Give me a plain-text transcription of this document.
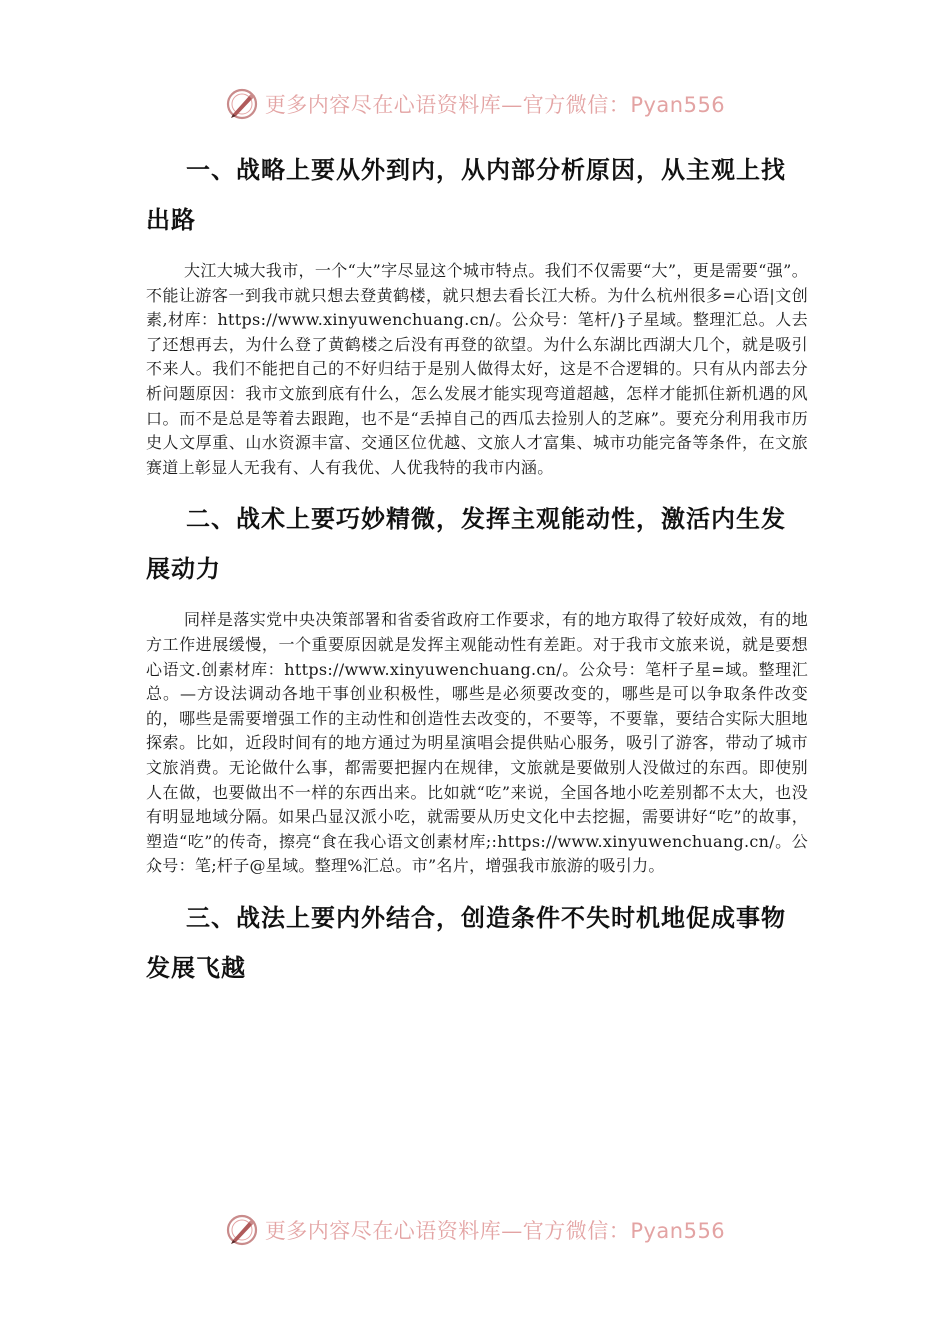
更多内容尽在心语资料库—官方微信：Pyan556
一、战略上要从外到内，从内部分析原因，从主观上找出路

大江大城大我市，一个“大”字尽显这个城市特点。我们不仅需要“大”，更是需要“强”。不能让游客一到我市就只想去登黄鹤楼，就只想去看长江大桥。为什么杭州很多=心语|文创素,材库：https://www.xinyuwenchuang.cn/。公众号：笔杆/}子星域。整理汇总。人去了还想再去，为什么登了黄鹤楼之后没有再登的欲望。为什么东湖比西湖大几个，就是吸引不来人。我们不能把自己的不好归结于是别人做得太好，这是不合逻辑的。只有从内部去分析问题原因：我市文旅到底有什么，怎么发展才能实现弯道超越，怎样才能抓住新机遇的风口。而不是总是等着去跟跑，也不是“丢掉自己的西瓜去捡别人的芝麻”。要充分利用我市历史人文厚重、山水资源丰富、交通区位优越、文旅人才富集、城市功能完备等条件，在文旅赛道上彰显人无我有、人有我优、人优我特的我市内涵。

二、战术上要巧妙精微，发挥主观能动性，激活内生发展动力

同样是落实党中央决策部署和省委省政府工作要求，有的地方取得了较好成效，有的地方工作进展缓慢，一个重要原因就是发挥主观能动性有差距。对于我市文旅来说，就是要想心语文.创素材库：https://www.xinyuwenchuang.cn/。公众号：笔杆子星=域。整理汇总。—方设法调动各地干事创业积极性，哪些是必须要改变的，哪些是可以争取条件改变的，哪些是需要增强工作的主动性和创造性去改变的，不要等，不要靠，要结合实际大胆地探索。比如，近段时间有的地方通过为明星演唱会提供贴心服务，吸引了游客，带动了城市文旅消费。无论做什么事，都需要把握内在规律，文旅就是要做别人没做过的东西。即使别人在做，也要做出不一样的东西出来。比如就“吃”来说，全国各地小吃差别都不太大，也没有明显地域分隔。如果凸显汉派小吃，就需要从历史文化中去挖掘，需要讲好“吃”的故事，塑造“吃”的传奇，擦亮“食在我心语文创素材库;:https://www.xinyuwenchuang.cn/。公众号：笔;杆子@星域。整理%汇总。市”名片，增强我市旅游的吸引力。

三、战法上要内外结合，创造条件不失时机地促成事物发展飞越
更多内容尽在心语资料库—官方微信：Pyan556
